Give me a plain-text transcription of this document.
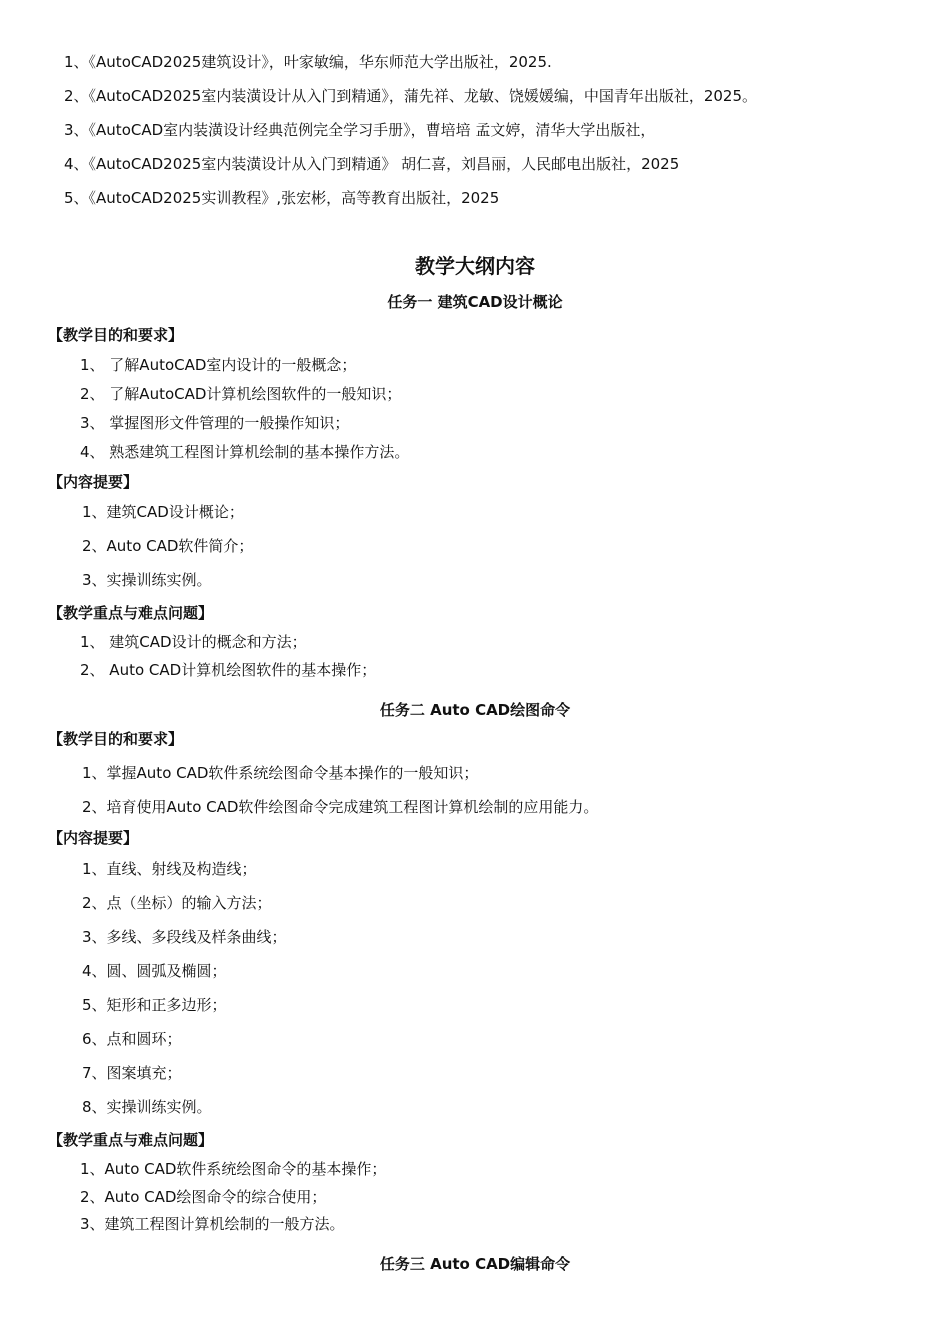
1、《AutoCAD2025建筑设计》，叶家敏编，华东师范大学出版社，2025.
2、《AutoCAD2025室内装潢设计从入门到精通》，蒲先祥、龙敏、饶媛媛编，中国青年出版社，2025。
3、《AutoCAD室内装潢设计经典范例完全学习手册》，曹培培 孟文婷，清华大学出版社，
4、《AutoCAD2025室内装潢设计从入门到精通》 胡仁喜，刘昌丽，人民邮电出版社，2025
5、《AutoCAD2025实训教程》,张宏彬，高等教育出版社，2025
教学大纲内容
任务一 建筑CAD设计概论
【教学目的和要求】
1、 了解AutoCAD室内设计的一般概念；
2、 了解AutoCAD计算机绘图软件的一般知识；
3、 掌握图形文件管理的一般操作知识；
4、 熟悉建筑工程图计算机绘制的基本操作方法。
【内容提要】
1、建筑CAD设计概论；
2、Auto CAD软件简介；
3、实操训练实例。
【教学重点与难点问题】
1、 建筑CAD设计的概念和方法；
2、 Auto CAD计算机绘图软件的基本操作；
任务二 Auto CAD绘图命令
【教学目的和要求】
1、掌握Auto CAD软件系统绘图命令基本操作的一般知识；
2、培育使用Auto CAD软件绘图命令完成建筑工程图计算机绘制的应用能力。
【内容提要】
1、直线、射线及构造线；
2、点（坐标）的输入方法；
3、多线、多段线及样条曲线；
4、圆、圆弧及椭圆；
5、矩形和正多边形；
6、点和圆环；
7、图案填充；
8、实操训练实例。
【教学重点与难点问题】
1、Auto CAD软件系统绘图命令的基本操作；
2、Auto CAD绘图命令的综合使用；
3、建筑工程图计算机绘制的一般方法。
任务三 Auto CAD编辑命令
